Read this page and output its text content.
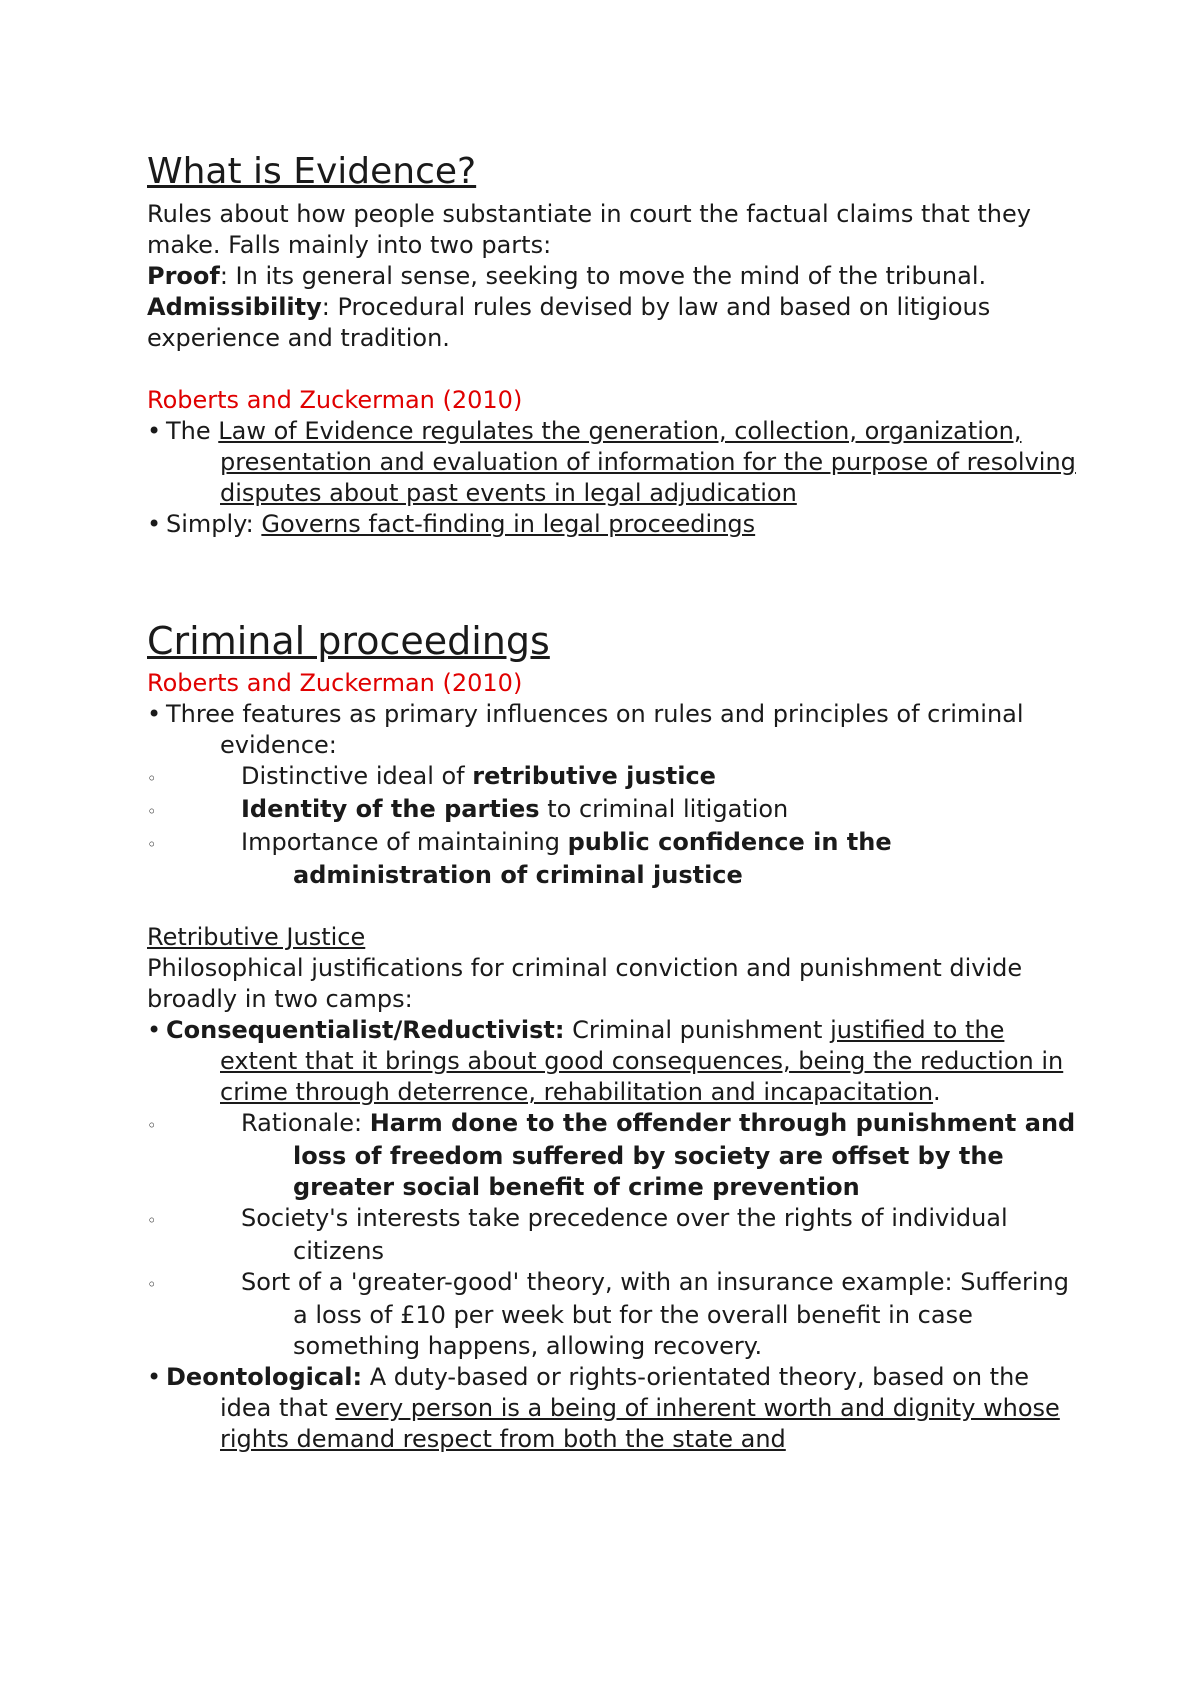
What is Evidence?

Rules about how people substantiate in court the factual claims that they make. Falls mainly into two parts:

Proof: In its general sense, seeking to move the mind of the tribunal.

Admissibility: Procedural rules devised by law and based on litigious experience and tradition.

Roberts and Zuckerman (2010)

• The Law of Evidence regulates the generation, collection, organization, presentation and evaluation of information for the purpose of resolving disputes about past events in legal adjudication

• Simply: Governs fact-finding in legal proceedings

Criminal proceedings

Roberts and Zuckerman (2010)

• Three features as primary influences on rules and principles of criminal evidence:

◦	Distinctive ideal of retributive justice

◦	Identity of the parties to criminal litigation

◦	Importance of maintaining public confidence in the administration of criminal justice

Retributive Justice

Philosophical justifications for criminal conviction and punishment divide broadly in two camps:

• Consequentialist/Reductivist: Criminal punishment justified to the extent that it brings about good consequences, being the reduction in crime through deterrence, rehabilitation and incapacitation.

◦	Rationale: Harm done to the offender through punishment and loss of freedom suffered by society are offset by the greater social benefit of crime prevention

◦	Society's interests take precedence over the rights of individual citizens

◦	Sort of a 'greater-good' theory, with an insurance example: Suffering a loss of £10 per week but for the overall benefit in case something happens, allowing recovery.

• Deontological: A duty-based or rights-orientated theory, based on the idea that every person is a being of inherent worth and dignity whose rights demand respect from both the state and
